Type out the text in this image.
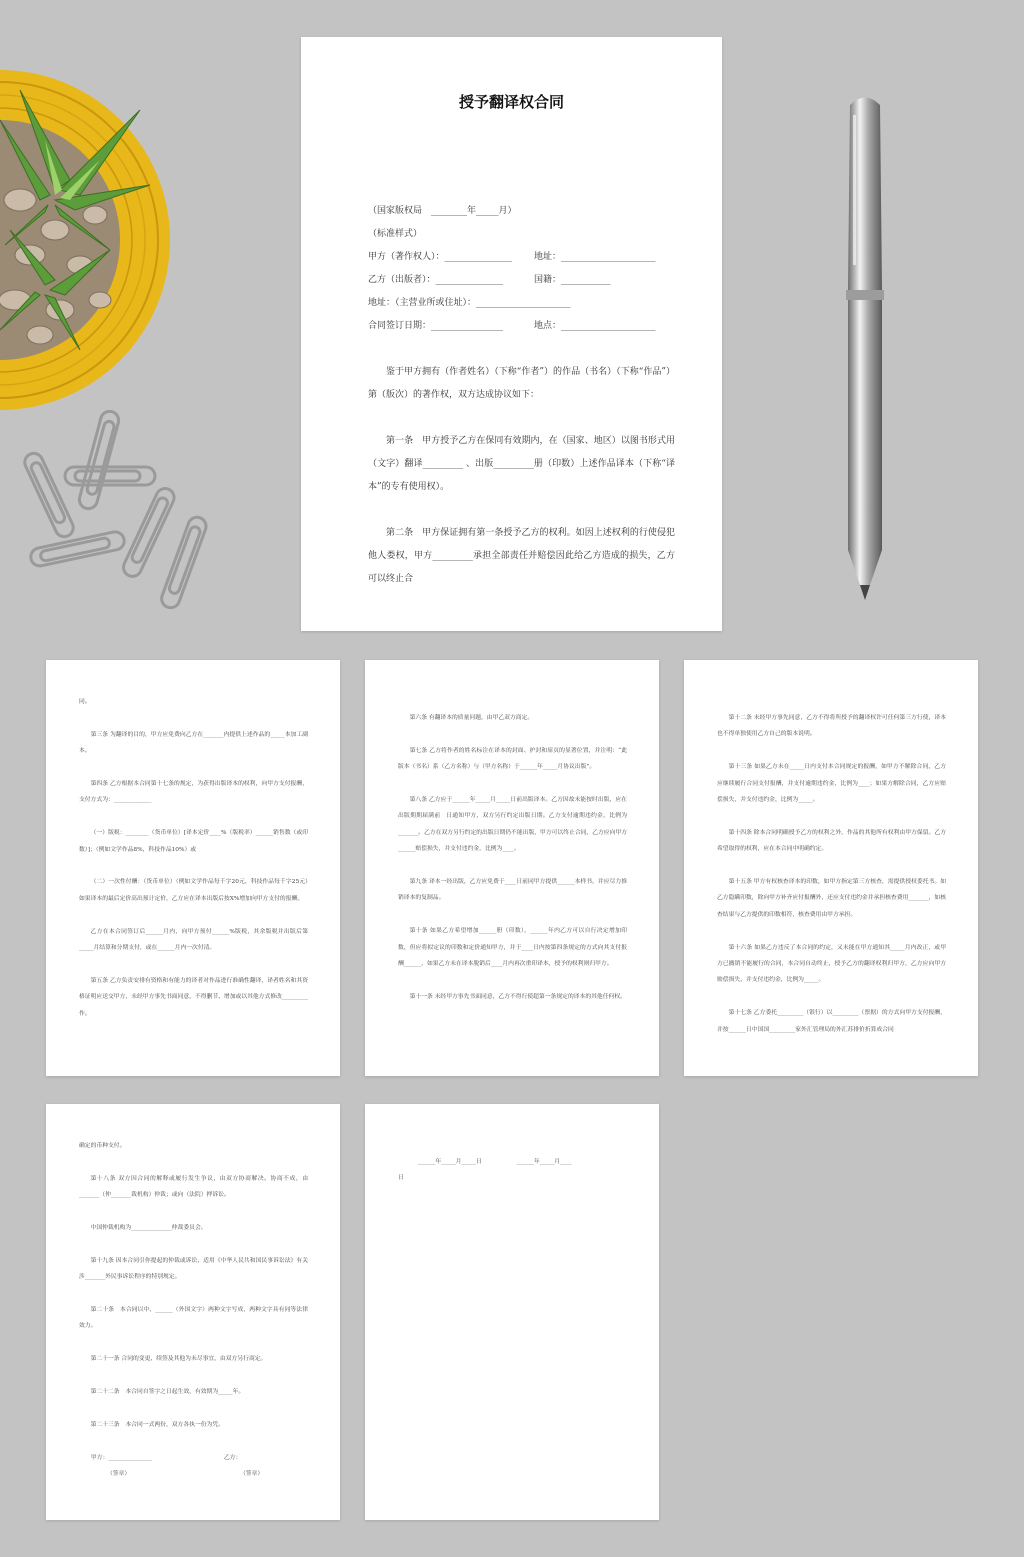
授予翻译权合同
（国家版权局　________年_____月）
（标准样式）
甲方（著作权人）：_______________ 地址：_____________________
乙方（出版者）：_______________	国籍：___________
地址：（主营业所或住址）：_____________________
合同签订日期：________________	地点：_____________________
鉴于甲方拥有（作者姓名）（下称“作者”）的作品（书名）（下称“作品”）第（版次）的著作权，双方达成协议如下：
第一条　甲方授予乙方在保同有效期内，在（国家、地区）以图书形式用（文字）翻译_________ 、出版_________册（印数）上述作品译本（下称“译本”的专有使用权）。
第二条　甲方保证拥有第一条授予乙方的权利。如因上述权利的行使侵犯他人娄权，甲方_________承担全部责任并赔偿因此给乙方造成的损失，乙方可以终止合

同。

第三条 为翻译的目的，甲方应免费向乙方在_______内提供上述作品的_____本加工副本。

第四条 乙方根据本合同第十七条的规定，为获得出版译本的权利，向甲方支付报酬，支付方式为：_____________

（一）版税：________（货币单位）[译本定价____%（版税率）______销售数（或印数）]；（例如文学作品8%，科技作品10%）或

（二）一次性付酬：（货币单位）（例如文学作品每千字20元，科技作品每千字25元）　　如果译本的最后定价高出预计定价，乙方应在译本出版后按X%增加向甲方支付的报酬。

乙方在本合同签订后______月内，向甲方预付______%版税，其余版税并出版后第_____月结算和分期支付，或在______月内一次付清。

第五条 乙方负责安排有资格和有能力的译者对作品进行准确性翻译，译者姓名和其资格证明应送交甲方，未经甲方事先书面同意，不得删节、增加或以其他方式修改_________作。

第六条 有翻译本的质量问题，由甲乙双方商定。

第七条 乙方将作者的姓名标注在译本的封面、护封和扉页的显著位置，并注明：“此版本（书名）系（乙方名称）与（甲方名称）于______年_____月协议出版”。

第八条 乙方应于______年_____月_____日前出版译本。乙方因故未能按时出版，应在出版期期届满前　日通知甲方，双方另行约定出版日期。乙方支付逾期违约金，比例为_______。乙方在双方另行约定的出版日期仍不能出版，甲方可以终止合同，乙方应向甲方______赔偿损失，并支付违约金，比例为____。

第九条 译本一经出版，乙方应免费于____日前同甲方提供______本样书，并应尽力推销译本的复制品。

第十条 如果乙方希望增加______册（印数），______年内乙方可以自行决定增加印数，但应将拟定议的印数和定价通知甲方，并于____日内按第四条规定的方式向其支付报酬______，如果乙方未在译本脱销后____月内再次重印译本，授予的权利则归甲方。

第十一条 未经甲方事先书面同意，乙方不得行使超第一条规定的译本的其他任何权。

第十二条 未经甲方事先同意，乙方不得将所授予的翻译权许可任何第三方行使，译本也不得单独使用乙方自己的版本说明。

第十三条 如果乙方未在_____日内支付本合同规定的报酬，如甲方不解除合同，乙方应继续履行合同支付报酬，并支付逾期违约金，比例为____；如果方解除合同，乙方应赔偿损失，并支付违约金，比例为_____。

第十四条 除本合同明确授予乙方的权利之外，作品的其他所有权利由甲方保留。乙方希望取得的权利，应在本合同中明确约定。

第十五条 甲方有权核查译本的印数，如甲方指定第三方核查，需提供授权委托书。如乙方隐瞒印数，除向甲方补齐应付报酬外，还应支付违约金并承担核查费用_______，如核查结果与乙方提供的印数相符，核查费用由甲方承担。

第十六条 如果乙方违反了本合同的约定，又未能在甲方通知其_____月内改正，或甲方已撤销不能履行的合同，本合同自动终止，授予乙方的翻译权利归甲方，乙方应向甲方赔偿损失，并支付违约金，比例为_____。

第十七条 乙方委托_________（银行）以_________（票据）的方式向甲方支付报酬，并按______日中国国_________家外汇管理局的外汇苏排价折算成合同

确定的币种支付。

第十八条 双方因合同的解释或履行发生争议，由双方协商解决。协商不成，由_______（仲_______裁机构）仲裁；或向（法院）押诉讼。

中国仲裁机构为______________仲裁委员会。

第十九条 因本合同引你提起的仲裁或诉讼，适用《中华人民共和国民事诉讼法》有关涉_______外民事诉讼程序的特别规定。

第二十条　本合同以中、______（外国文字）两种文字写成，两种文字具有同等法律效力。

第二十一条 合同的变更、续签及其他为未尽事宜，由双方另行商定。

第二十二条　本合同自签字之日起生效，有效期为_____年。

第二十三条　本合同一式两份，双方各执一份为凭。

甲方：_______________	乙方：
（签章）	（签章）
______年_____月_____日　　　　　　______年_____月____
日
